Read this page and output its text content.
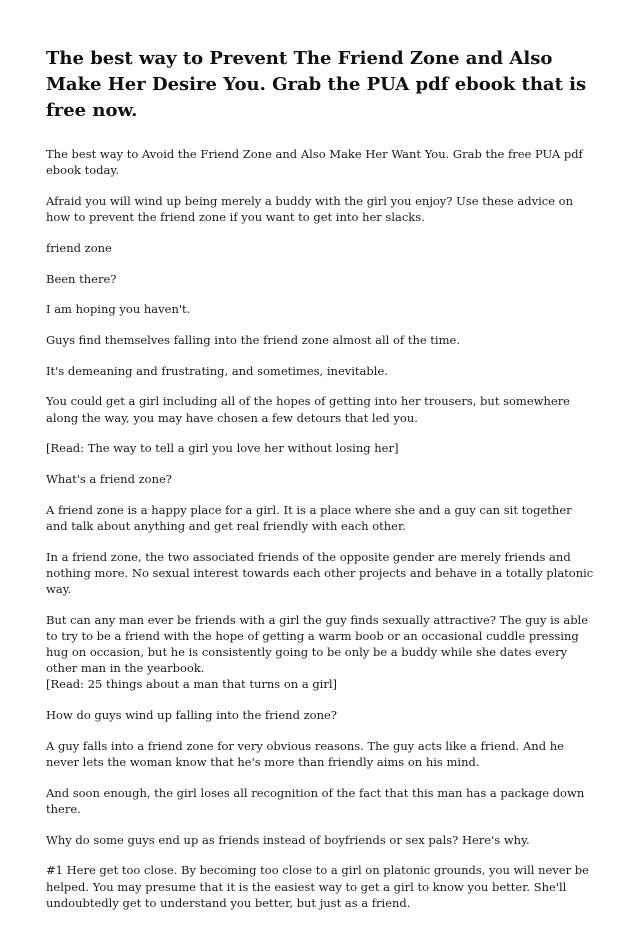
The best way to Prevent The Friend Zone and Also Make Her Desire You. Grab the PUA pdf ebook that is free now.

The best way to Avoid the Friend Zone and Also Make Her Want You. Grab the free PUA pdf ebook today.

Afraid you will wind up being merely a buddy with the girl you enjoy? Use these advice on how to prevent the friend zone if you want to get into her slacks.

friend zone

Been there?

I am hoping you haven't.

Guys find themselves falling into the friend zone almost all of the time.

It's demeaning and frustrating, and sometimes, inevitable.

You could get a girl including all of the hopes of getting into her trousers, but somewhere along the way, you may have chosen a few detours that led you.

[Read: The way to tell a girl you love her without losing her]

What's a friend zone?

A friend zone is a happy place for a girl. It is a place where she and a guy can sit together and talk about anything and get real friendly with each other.

In a friend zone, the two associated friends of the opposite gender are merely friends and nothing more. No sexual interest towards each other projects and behave in a totally platonic way.

But can any man ever be friends with a girl the guy finds sexually attractive? The guy is able to try to be a friend with the hope of getting a warm boob or an occasional cuddle pressing hug on occasion, but he is consistently going to be only be a buddy while she dates every other man in the yearbook.

[Read: 25 things about a man that turns on a girl]

How do guys wind up falling into the friend zone?

A guy falls into a friend zone for very obvious reasons. The guy acts like a friend. And he never lets the woman know that he's more than friendly aims on his mind.

And soon enough, the girl loses all recognition of the fact that this man has a package down there.

Why do some guys end up as friends instead of boyfriends or sex pals? Here's why.

#1 Here get too close. By becoming too close to a girl on platonic grounds, you will never be helped. You may presume that it is the easiest way to get a girl to know you better. She'll undoubtedly get to understand you better, but just as a friend.
